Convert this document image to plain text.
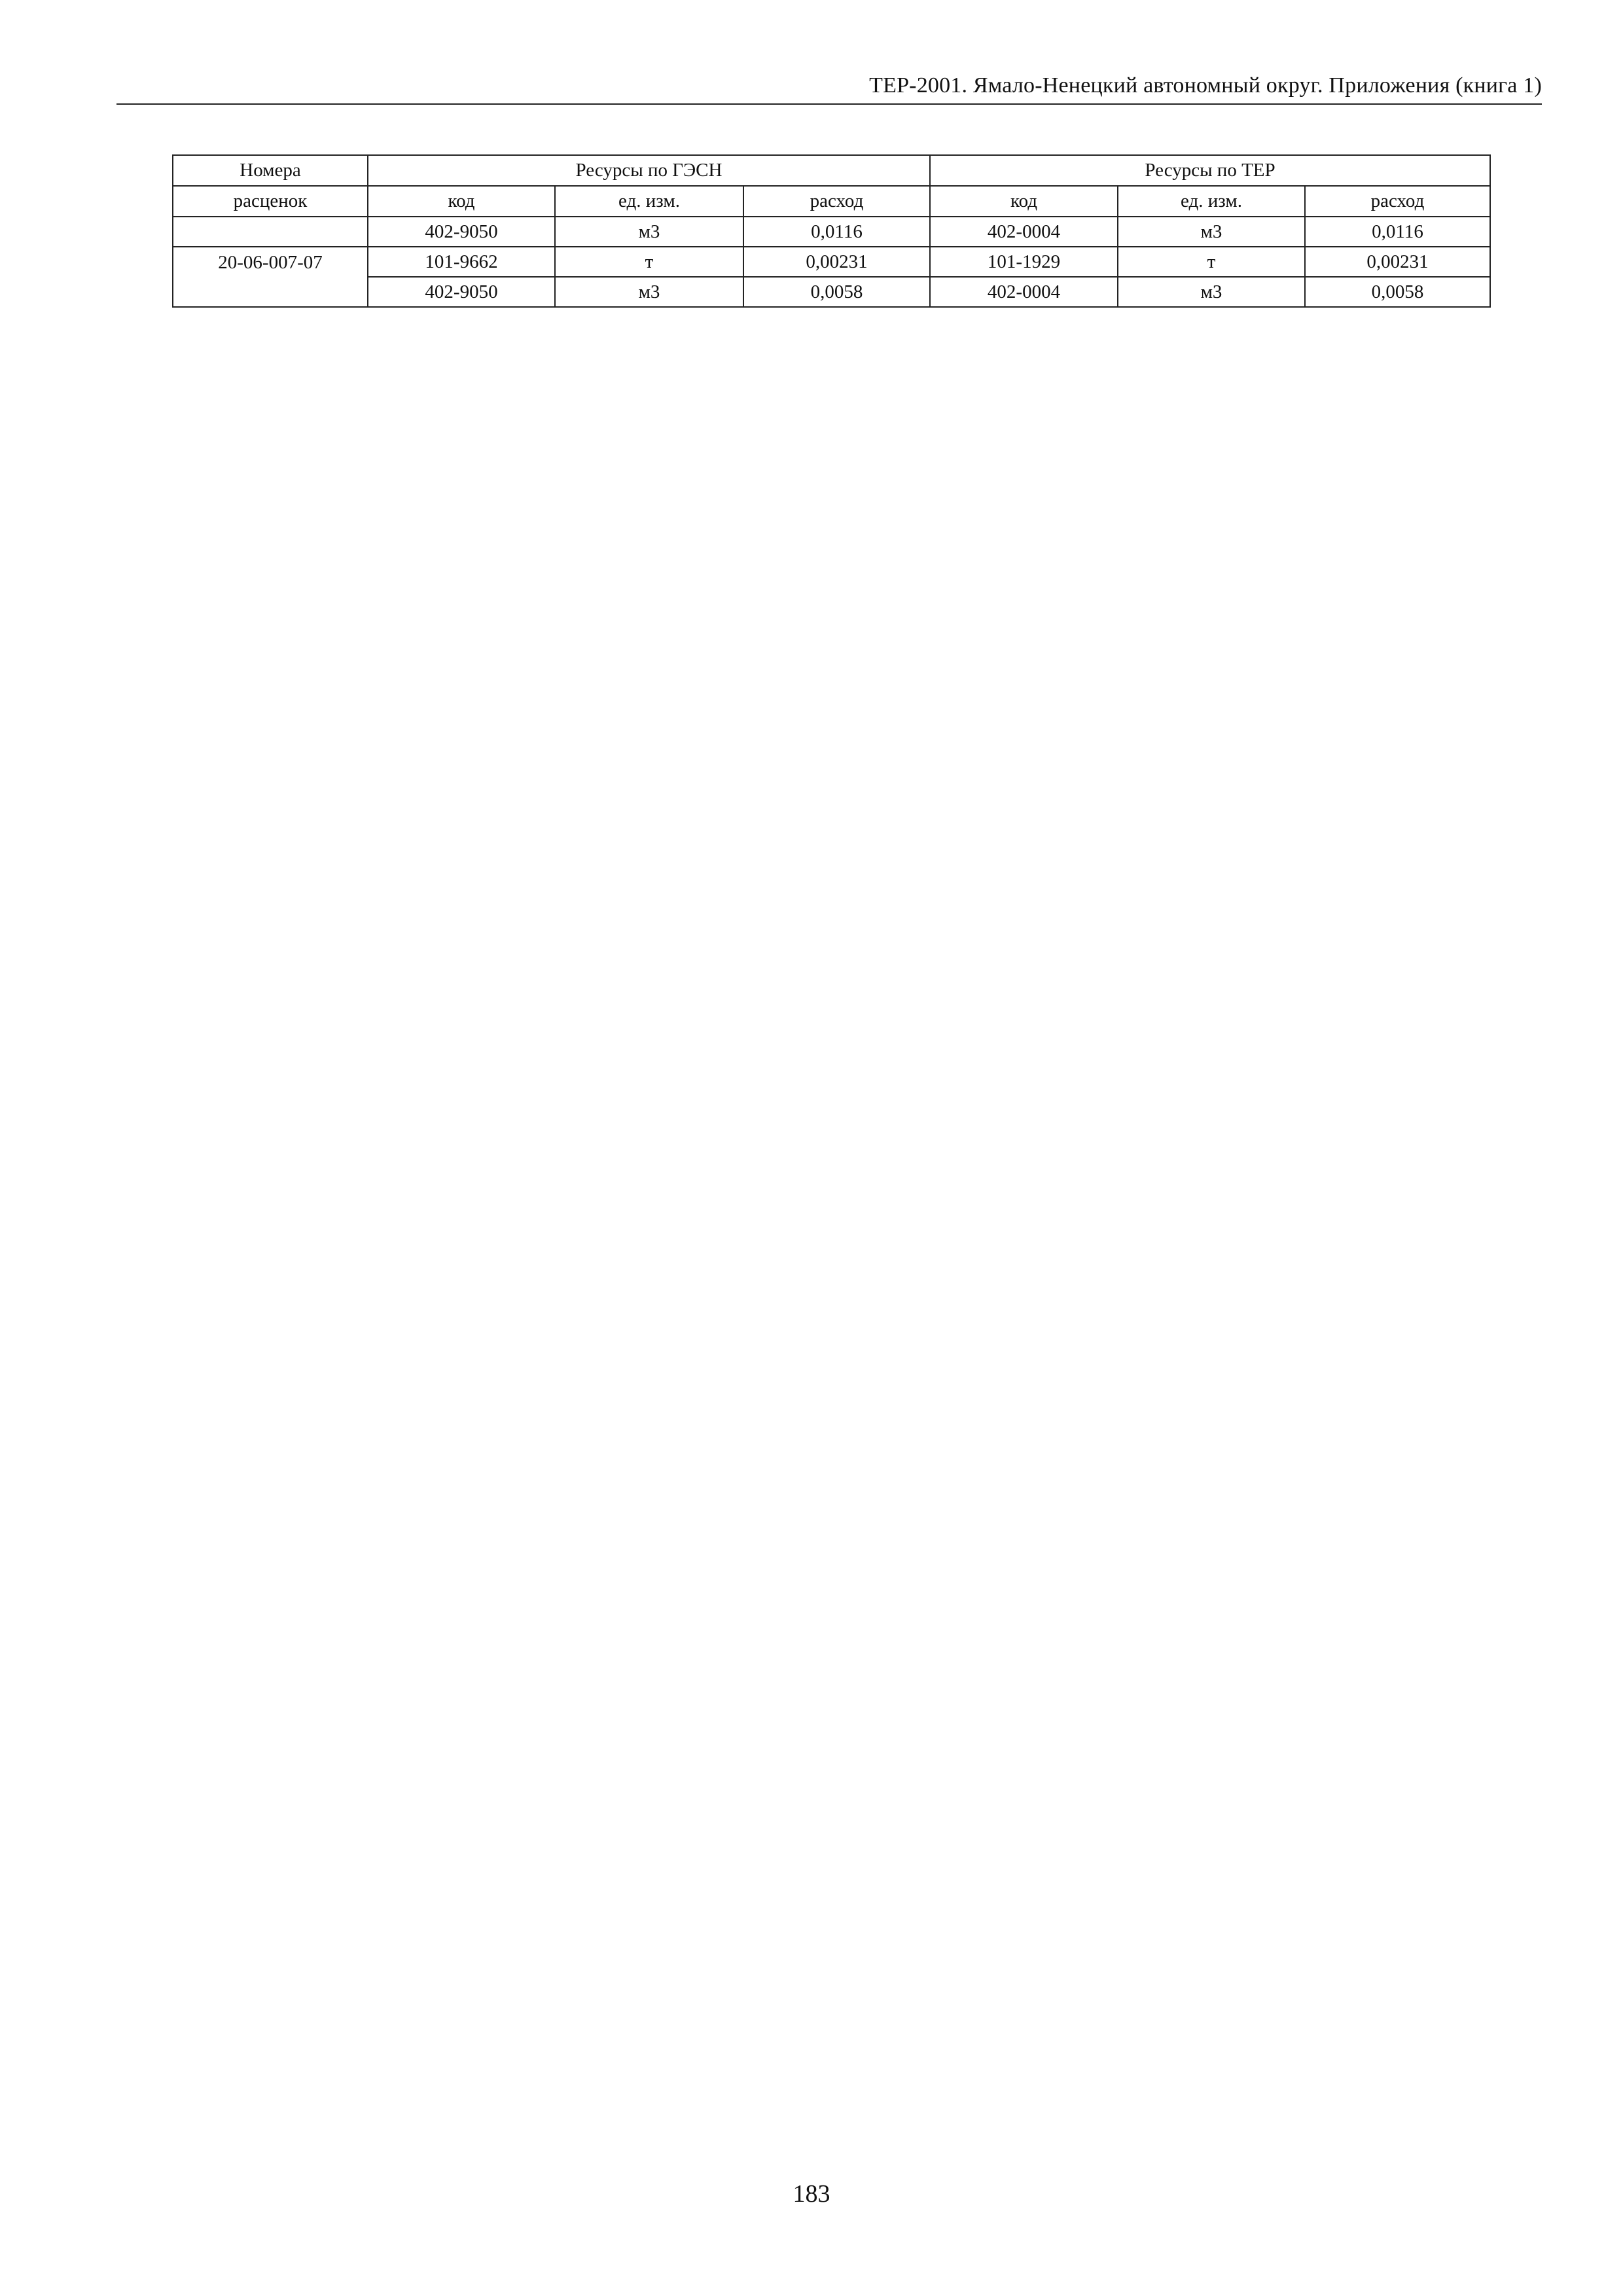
ТЕР-2001. Ямало-Ненецкий автономный округ. Приложения (книга 1)
Номера	Ресурсы по ГЭСН			Ресурсы по ТЕР		
расценок	код	ед. изм.	расход	код	ед. изм.	расход
	402-9050	м3	0,0116	402-0004	м3	0,0116
20-06-007-07	101-9662	т	0,00231	101-1929	т	0,00231
	402-9050	м3	0,0058	402-0004	м3	0,0058
183
